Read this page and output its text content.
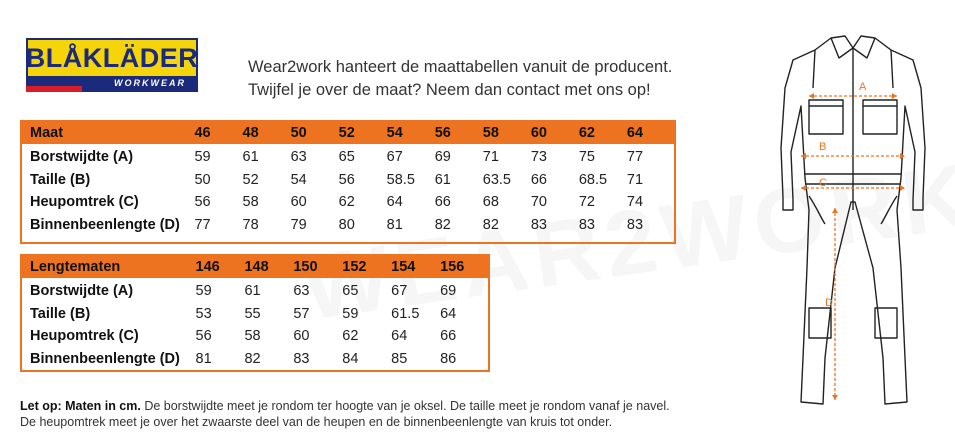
BLÅKLÄDER
WORKWEAR
Wear2work hanteert de maattabellen vanuit de producent.
Twijfel je over de maat? Neem dan contact met ons op!
Maat	46	48	50	52	54	56	58	60	62	64
Borstwijdte (A)	59	61	63	65	67	69	71	73	75	77
Taille (B)	50	52	54	56	58.5	61	63.5	66	68.5	71
Heupomtrek (C)	56	58	60	62	64	66	68	70	72	74
Binnenbeenlengte (D)	77	78	79	80	81	82	82	83	83	83
Lengtematen	146	148	150	152	154	156
Borstwijdte (A)	59	61	63	65	67	69
Taille (B)	53	55	57	59	61.5	64
Heupomtrek (C)	56	58	60	62	64	66
Binnenbeenlengte (D)	81	82	83	84	85	86
Let op: Maten in cm. De borstwijdte meet je rondom ter hoogte van je oksel. De taille meet je rondom vanaf je navel.
De heupomtrek meet je over het zwaarste deel van de heupen en de binnenbeenlengte van kruis tot onder.
A
B
C
D
